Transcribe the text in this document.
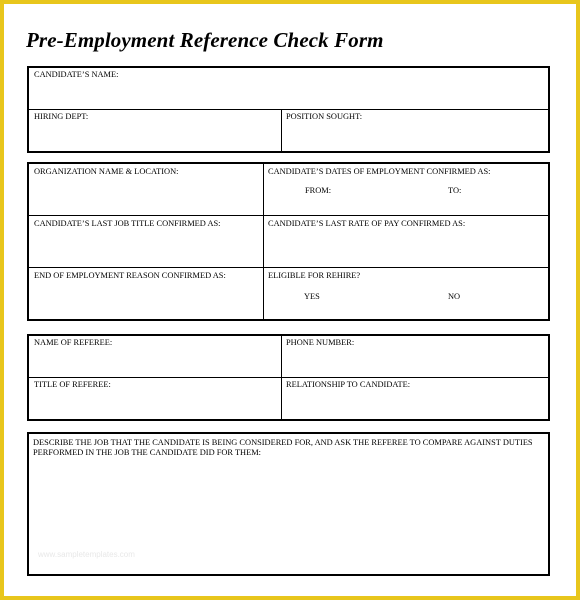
Pre-Employment Reference Check Form
CANDIDATE’S NAME:
HIRING DEPT:	POSITION SOUGHT:
ORGANIZATION NAME & LOCATION:	CANDIDATE’S DATES OF EMPLOYMENT CONFIRMED AS:
FROM:	TO:
CANDIDATE’S LAST JOB TITLE CONFIRMED AS:	CANDIDATE’S LAST RATE OF PAY CONFIRMED AS:
END OF EMPLOYMENT REASON CONFIRMED AS:	ELIGIBLE FOR REHIRE?
YES	NO
NAME OF REFEREE:	PHONE NUMBER:
TITLE OF REFEREE:	RELATIONSHIP TO CANDIDATE:
DESCRIBE THE JOB THAT THE CANDIDATE IS BEING CONSIDERED FOR, AND ASK THE REFEREE TO COMPARE AGAINST DUTIES PERFORMED IN THE JOB THE CANDIDATE DID FOR THEM:
www.sampletemplates.com
